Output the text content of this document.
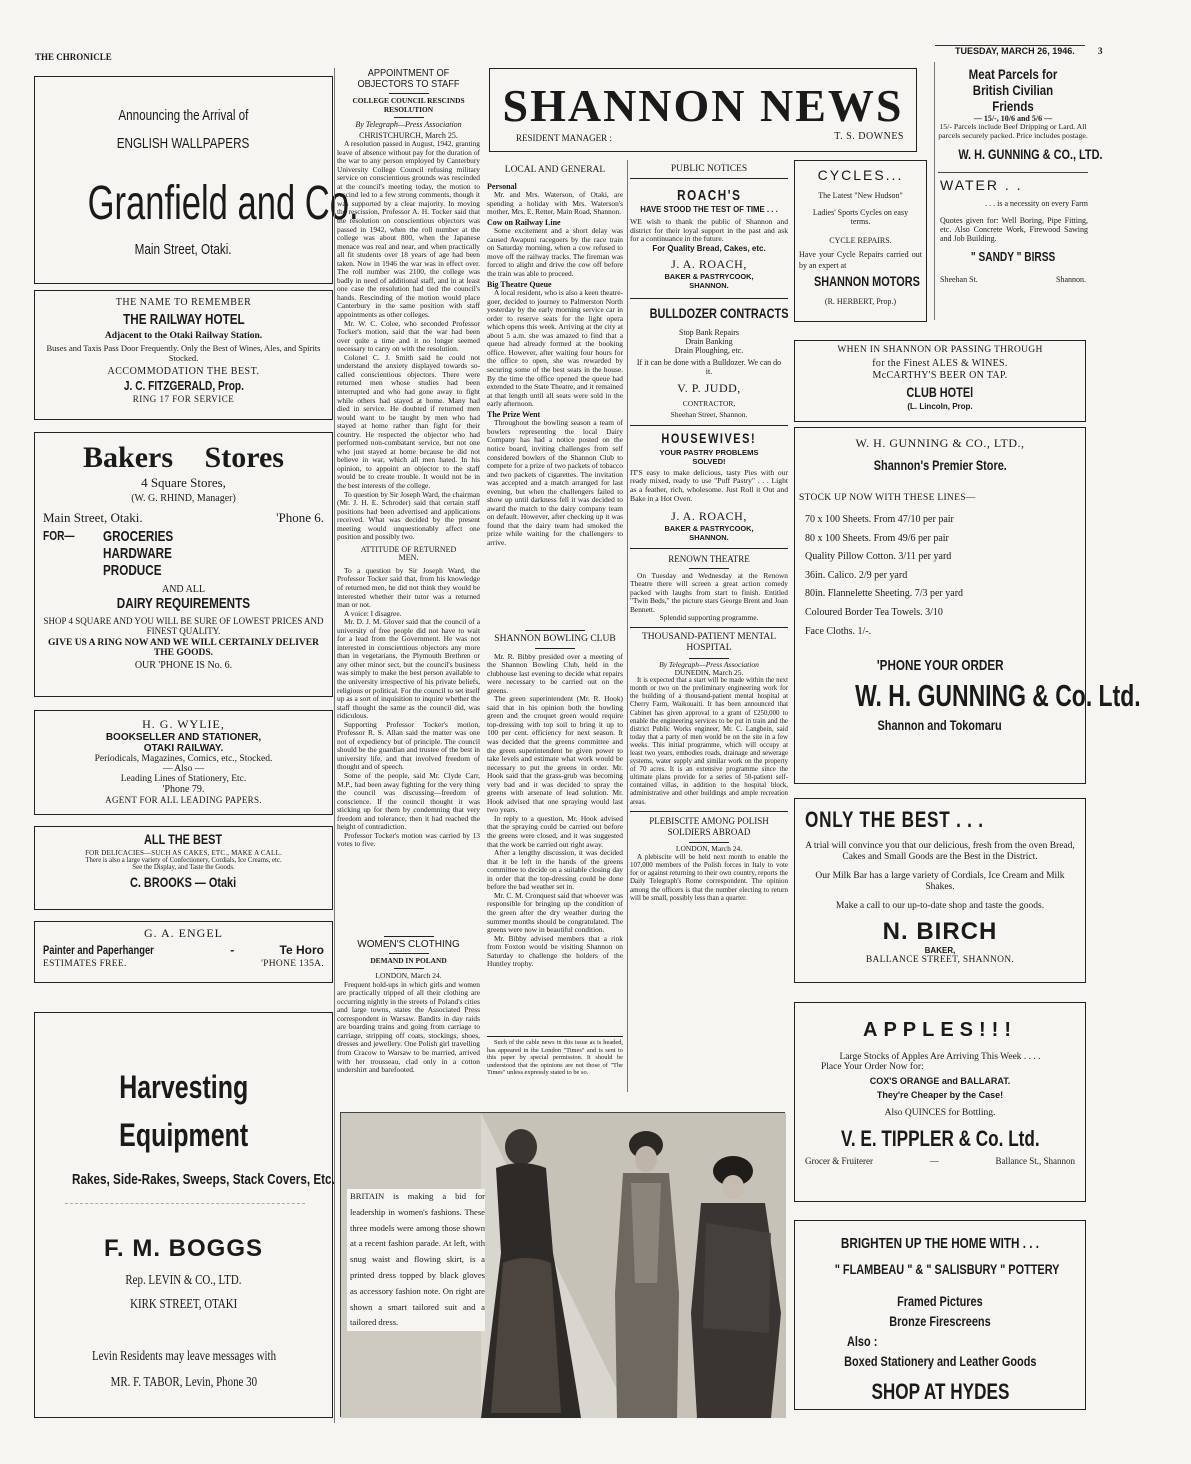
THE CHRONICLE
TUESDAY, MARCH 26, 1946.	3
Announcing the Arrival of
ENGLISH WALLPAPERS
Granfield and Co.
Main Street, Otaki.
THE NAME TO REMEMBER
THE RAILWAY HOTEL
Adjacent to the Otaki Railway Station.
Buses and Taxis Pass Door Frequently. Only the Best of Wines, Ales, and Spirits Stocked.
ACCOMMODATION THE BEST.
J. C. FITZGERALD, Prop.
RING 17 FOR SERVICE
Bakers Stores
4 Square Stores,
(W. G. RHIND, Manager)
Main Street, Otaki.	'Phone 6.
FOR— GROCERIES
HARDWARE
PRODUCE
AND ALL
DAIRY REQUIREMENTS
SHOP 4 SQUARE AND YOU WILL BE SURE OF LOWEST PRICES AND FINEST QUALITY.
GIVE US A RING NOW AND WE WILL CERTAINLY DELIVER THE GOODS.
OUR 'PHONE IS No. 6.
H. G. WYLIE,
BOOKSELLER AND STATIONER,
OTAKI RAILWAY.
Periodicals, Magazines, Comics, etc., Stocked.
— Also —
Leading Lines of Stationery, Etc.
'Phone 79.
AGENT FOR ALL LEADING PAPERS.
ALL THE BEST
FOR DELICACIES—SUCH AS CAKES, ETC., MAKE A CALL.
There is also a large variety of Confectionery, Cordials, Ice Creams, etc.
See the Display, and Taste the Goods.
C. BROOKS — Otaki
G. A. ENGEL
Painter and Paperhanger	-	Te Horo
ESTIMATES FREE.	'PHONE 135A.
Harvesting
Equipment
Rakes, Side-Rakes, Sweeps, Stack Covers, Etc.
F. M. BOGGS
Rep. LEVIN & CO., LTD.
KIRK STREET, OTAKI
Levin Residents may leave messages with
MR. F. TABOR, Levin, Phone 30
APPOINTMENT OF OBJECTORS TO STAFF
COLLEGE COUNCIL RESCINDS RESOLUTION
By Telegraph—Press Association
CHRISTCHURCH, March 25.

A resolution passed in August, 1942, granting leave of absence without pay for the duration of the war to any person employed by Canterbury University College Council refusing military service on conscientious grounds was rescinded at the council's meeting today, the motion to rescind led to a few strong comments, though it was supported by a clear majority. In moving the rescission, Professor A. H. Tocker said that the resolution on conscientious objectors was passed in 1942, when the roll number at the college was about 800, when the Japanese menace was real and near, and when practically all fit students over 18 years of age had been taken. Now in 1946 the war was in effect over. The roll number was 2100, the college was badly in need of additional staff, and in at least one case the resolution had tied the council's hands. Rescinding of the motion would place Canterbury in the same position with staff appointments as other colleges.

Mr. W. C. Colee, who seconded Professor Tocker's motion, said that the war had been over quite a time and it no longer seemed necessary to carry on with the resolution.

Colonel C. J. Smith said he could not understand the anxiety displayed towards so-called conscientious objectors. There were returned men whose studies had been interrupted and who had gone away to fight while others had stayed at home. Many had died in service. He doubted if returned men would want to be taught by men who had stayed at home rather than fight for their country. He respected the objector who had performed non-combatant service, but not one who just stayed at home because he did not believe in war, which all men hated. In his opinion, to appoint an objector to the staff would be to create trouble. It would not be in the best interests of the college.

To question by Sir Joseph Ward, the chairman (Mr. J. H. E. Schroder) said that certain staff positions had been advertised and applications received. What was decided by the present meeting would unquestionably affect one position and possibly two.

ATTITUDE OF RETURNED MEN.

To a question by Sir Joseph Ward, the Professor Tocker said that, from his knowledge of returned men, he did not think they would be interested whether their tutor was a returned man or not.

A voice: I disagree.

Mr. D. J. M. Glover said that the council of a university of free people did not have to wait for a lead from the Government. He was not interested in conscientious objectors any more than in vegetarians, the Plymouth Brethren or any other minor sect, but the council's business was simply to make the best person available to the university irrespective of his private beliefs, religious or political. For the council to set itself up as a sort of inquisition to inquire whether the staff thought the same as the council did, was ridiculous.

Supporting Professor Tocker's motion, Professor R. S. Allan said the matter was one not of expediency but of principle. The council should be the guardian and trustee of the best in university life, and that involved freedom of thought and of speech.

Some of the people, said Mr. Clyde Carr, M.P., had been away fighting for the very thing the council was discussing—freedom of conscience. If the council thought it was sticking up for them by condemning that very freedom and tolerance, then it had reached the height of contradiction.

Professor Tocker's motion was carried by 13 votes to five.

WOMEN'S CLOTHING
DEMAND IN POLAND
LONDON, March 24.

Frequent hold-ups in which girls and women are practically tripped of all their clothing are occurring nightly in the streets of Poland's cities and large towns, states the Associated Press correspondent in Warsaw. Bandits in day raids are boarding trains and going from carriage to carriage, stripping off coats, stockings, shoes, dresses and jewellery. One Polish girl travelling from Cracow to Warsaw to be married, arrived with her trousseau, clad only in a cotton undershirt and barefooted.

SHANNON NEWS
RESIDENT MANAGER :	T. S. DOWNES
LOCAL AND GENERAL
Personal

Mr. and Mrs. Waterson, of Otaki, are spending a holiday with Mrs. Waterson's mother, Mrs. E. Retter, Main Road, Shannon.

Cow on Railway Line

Some excitement and a short delay was caused Awapuni racegoers by the race train on Saturday morning, when a cow refused to move off the railway tracks. The fireman was forced to alight and drive the cow off before the train was able to proceed.

Big Theatre Queue

A local resident, who is also a keen theatre-goer, decided to journey to Palmerston North yesterday by the early morning service car in order to reserve seats for the light opera which opens this week. Arriving at the city at about 5 a.m. she was amazed to find that a queue had already formed at the booking office. However, after waiting four hours for the office to open, she was rewarded by securing some of the best seats in the house. By the time the office opened the queue had extended to the State Theatre, and it remained at that length until all seats were sold in the early afternoon.

The Prize Went

Throughout the bowling season a team of bowlers representing the local Dairy Company has had a notice posted on the notice board, inviting challenges from self considered bowlers of the Shannon Club to compete for a prize of two packets of tobacco and two packets of cigarettes. The invitation was accepted and a match arranged for last evening, but when the challengers failed to show up until darkness fell it was decided to award the match to the dairy company team on default. However, after checking up it was found that the dairy team had smoked the prize while waiting for the challengers to arrive.

SHANNON BOWLING CLUB

Mr. R. Bibby presided over a meeting of the Shannon Bowling Club, held in the clubhouse last evening to decide what repairs were necessary to be carried out on the greens.

The green superintendent (Mr. R. Hook) said that in his opinion both the bowling green and the croquet green would require top-dressing with top soil to bring it up to 100 per cent. efficiency for next season. It was decided that the greens committee and the green superintendent be given power to take levels and estimate what work would be necessary to put the greens in order. Mr. Hook said that the grass-grub was becoming very bad and it was decided to spray the greens with arsenate of lead solution. Mr. Hook advised that one spraying would last two years.

In reply to a question, Mr. Hook advised that the spraying could be carried out before the greens were closed, and it was suggested that the work be carried out right away.

After a lengthy discussion, it was decided that it be left in the hands of the greens committee to decide on a suitable closing day in order that the top-dressing could be done before the bad weather set in.

Mr. C. M. Cronquest said that whoever was responsible for bringing up the condition of the green after the dry weather during the summer months should be congratulated. The greens were now in beautiful condition.

Mr. Bibby advised members that a rink from Foxton would be visiting Shannon on Saturday to challenge the holders of the Huntley trophy.

Such of the cable news in this issue as is headed, has appeared in the London "Times" and is sent to this paper by special permission. It should be understood that the opinions are not those of "The Times" unless expressly stated to be so.

PUBLIC NOTICES
ROACH'S
HAVE STOOD THE TEST OF TIME . . .
WE wish to thank the public of Shannon and district for their loyal support in the past and ask for a continuance in the future.
For Quality Bread, Cakes, etc.
J. A. ROACH,
BAKER & PASTRYCOOK,
SHANNON.
BULLDOZER CONTRACTS
Stop Bank Repairs
Drain Banking
Drain Ploughing, etc.
If it can be done with a Bulldozer. We can do it.
V. P. JUDD,
CONTRACTOR,
Sheehan Street, Shannon.
HOUSEWIVES!
YOUR PASTRY PROBLEMS SOLVED!
IT'S easy to make delicious, tasty Pies with our ready mixed, ready to use "Puff Pastry" . . . Light as a feather, rich, wholesome. Just Roll it Out and Bake in a Hot Oven.
J. A. ROACH,
BAKER & PASTRYCOOK,
SHANNON.
RENOWN THEATRE

On Tuesday and Wednesday at the Renown Theatre there will screen a great action comedy packed with laughs from start to finish. Entitled "Twin Beds," the picture stars George Brent and Joan Bennett.

Splendid supporting programme.
THOUSAND-PATIENT MENTAL HOSPITAL
By Telegraph—Press Association
DUNEDIN, March 25.

It is expected that a start will be made within the next month or two on the preliminary engineering work for the building of a thousand-patient mental hospital at Cherry Farm, Waikouaiti. It has been announced that Cabinet has given approval to a grant of £250,000 to enable the engineering services to be put in train and the district Public Works engineer, Mr. C. Langbein, said today that a party of men would be on the site in a few weeks. This initial programme, which will occupy at least two years, embodies roads, drainage and sewerage systems, water supply and similar work on the property of 70 acres. It is an extensive programme since the ultimate plans provide for a series of 50-patient self-contained villas, in addition to the hospital block, administrative and other buildings and ample recreation areas.

PLEBISCITE AMONG POLISH SOLDIERS ABROAD
LONDON, March 24.

A plebiscite will be held next month to enable the 107,000 members of the Polish forces in Italy to vote for or against returning to their own country, reports the Daily Telegraph's Rome correspondent. The opinion among the officers is that the number electing to return will be small, possibly less than a quarter.

BRITAIN is making a bid for leadership in women's fashions. These three models were among those shown at a recent fashion parade. At left, with snug waist and flowing skirt, is a printed dress topped by black gloves as accessory fashion note. On right are shown a smart tailored suit and a tailored dress.
CYCLES...
The Latest "New Hudson"
Ladies' Sports Cycles on easy terms.
CYCLE REPAIRS.
Have your Cycle Repairs carried out by an expert at
SHANNON MOTORS
(R. HERBERT, Prop.)
Meat Parcels for British Civilian Friends
— 15/-, 10/6 and 5/6 —
15/- Parcels include Beef Dripping or Lard. All parcels securely packed. Price includes postage.
W. H. GUNNING & CO., LTD.
WATER . .
. . . is a necessity on every Farm
Quotes given for: Well Boring, Pipe Fitting, etc. Also Concrete Work, Firewood Sawing and Job Building.
" SANDY " BIRSS
Sheehan St.	Shannon.
WHEN IN SHANNON OR PASSING THROUGH
for the Finest ALES & WINES.
McCARTHY'S BEER ON TAP.
CLUB HOTEl
(L. Lincoln, Prop.
W. H. GUNNING & CO., LTD.,
Shannon's Premier Store.
STOCK UP NOW WITH THESE LINES—
70 x 100 Sheets. From 47/10 per pair
80 x 100 Sheets. From 49/6 per pair
Quality Pillow Cotton. 3/11 per yard
36in. Calico. 2/9 per yard
80in. Flannelette Sheeting. 7/3 per yard
Coloured Border Tea Towels. 3/10
Face Cloths. 1/-.
'PHONE YOUR ORDER
W. H. GUNNING & Co. Ltd.
Shannon and Tokomaru
ONLY THE BEST . . .
A trial will convince you that our delicious, fresh from the oven Bread, Cakes and Small Goods are the Best in the District.
Our Milk Bar has a large variety of Cordials, Ice Cream and Milk Shakes.
Make a call to our up-to-date shop and taste the goods.
N. BIRCH
BAKER,
BALLANCE STREET, SHANNON.
APPLES!!!
Large Stocks of Apples Are Arriving This Week . . . .
Place Your Order Now for:
COX'S ORANGE and BALLARAT.
They're Cheaper by the Case!
Also QUINCES for Bottling.
V. E. TIPPLER & Co. Ltd.
Grocer & Fruiterer	—	Ballance St., Shannon
BRIGHTEN UP THE HOME WITH . . .
" FLAMBEAU " & " SALISBURY " POTTERY
Framed Pictures
Bronze Firescreens
Also :
Boxed Stationery and Leather Goods
SHOP AT HYDES
